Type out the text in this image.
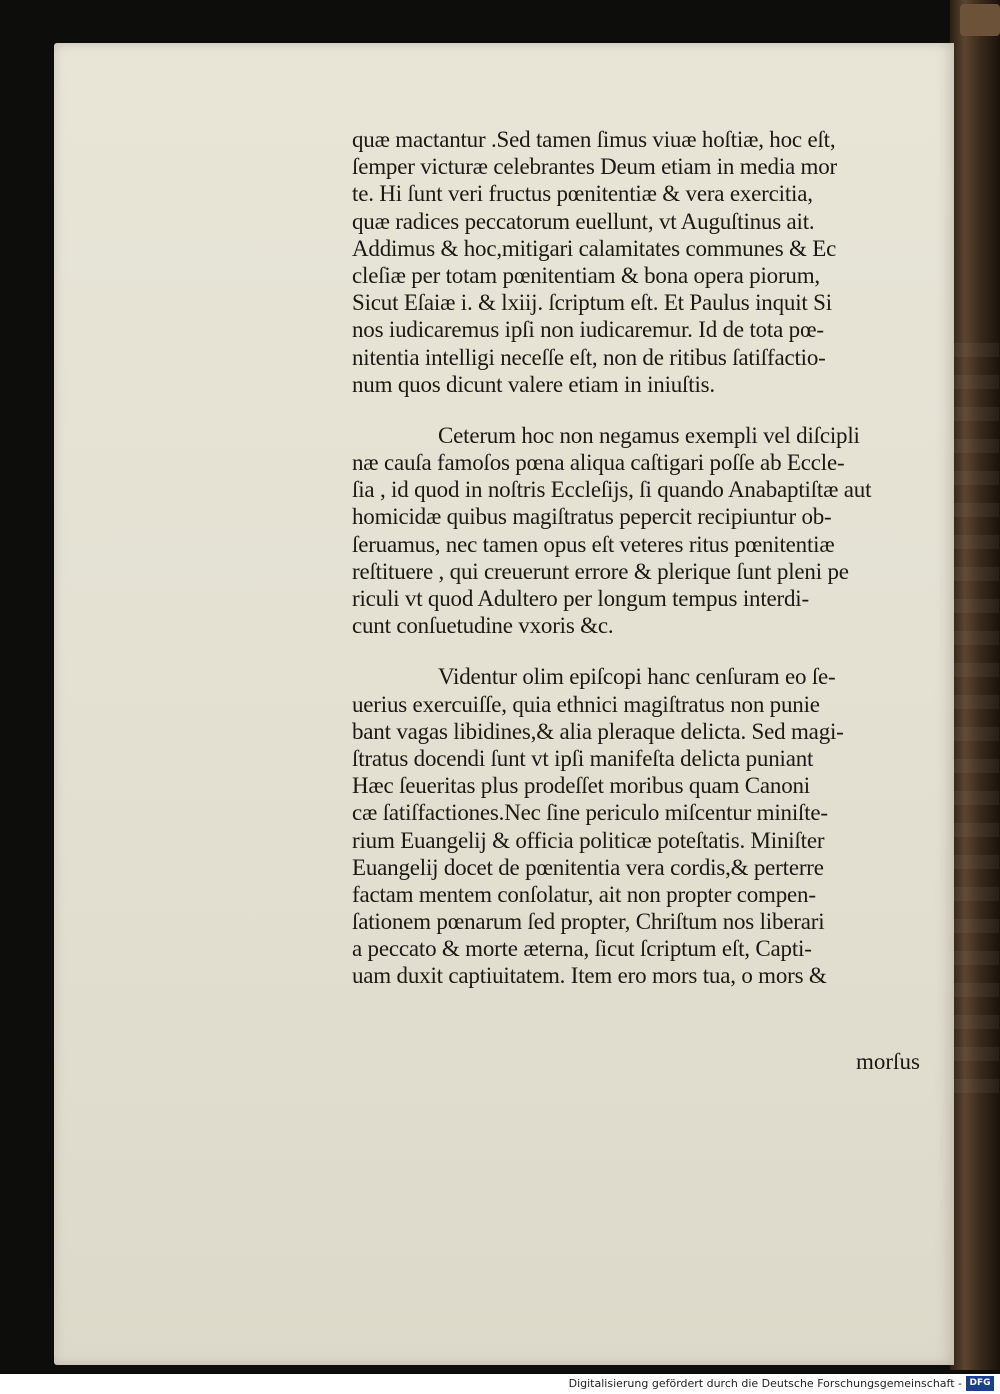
quæ mactantur .Sed tamen ſimus viuæ hoſtiæ, hoc eſt,
ſemper victuræ celebrantes Deum etiam in media mor
te. Hi ſunt veri fructus pœnitentiæ & vera exercitia,
quæ radices peccatorum euellunt, vt Auguſtinus ait.
Addimus & hoc,mitigari calamitates communes & Ec
cleſiæ per totam pœnitentiam & bona opera piorum,
Sicut Eſaiæ i. & lxiij. ſcriptum eſt. Et Paulus inquit Si
nos iudicaremus ipſi non iudicaremur. Id de tota pœ-
nitentia intelligi neceſſe eſt, non de ritibus ſatiſfactio-
num quos dicunt valere etiam in iniuſtis.
Ceterum hoc non negamus exempli vel diſcipli
næ cauſa famoſos pœna aliqua caſtigari poſſe ab Eccle-
ſia , id quod in noſtris Eccleſijs, ſi quando Anabaptiſtæ aut
homicidæ quibus magiſtratus pepercit recipiuntur ob-
ſeruamus, nec tamen opus eſt veteres ritus pœnitentiæ
reſtituere , qui creuerunt errore & plerique ſunt pleni pe
riculi vt quod Adultero per longum tempus interdi-
cunt conſuetudine vxoris &c.
Videntur olim epiſcopi hanc cenſuram eo ſe-
uerius exercuiſſe, quia ethnici magiſtratus non punie
bant vagas libidines,& alia pleraque delicta. Sed magi-
ſtratus docendi ſunt vt ipſi manifeſta delicta puniant
Hæc ſeueritas plus prodeſſet moribus quam Canoni
cæ ſatiſfactiones.Nec ſine periculo miſcentur miniſte-
rium Euangelij & officia politicæ poteſtatis. Miniſter
Euangelij docet de pœnitentia vera cordis,& perterre
factam mentem conſolatur, ait non propter compen-
ſationem pœnarum ſed propter, Chriſtum nos liberari
a peccato & morte æterna, ſicut ſcriptum eſt, Capti-
uam duxit captiuitatem. Item ero mors tua, o mors &
morſus
Digitalisierung gefördert durch die Deutsche Forschungsgemeinschaft - DFG
